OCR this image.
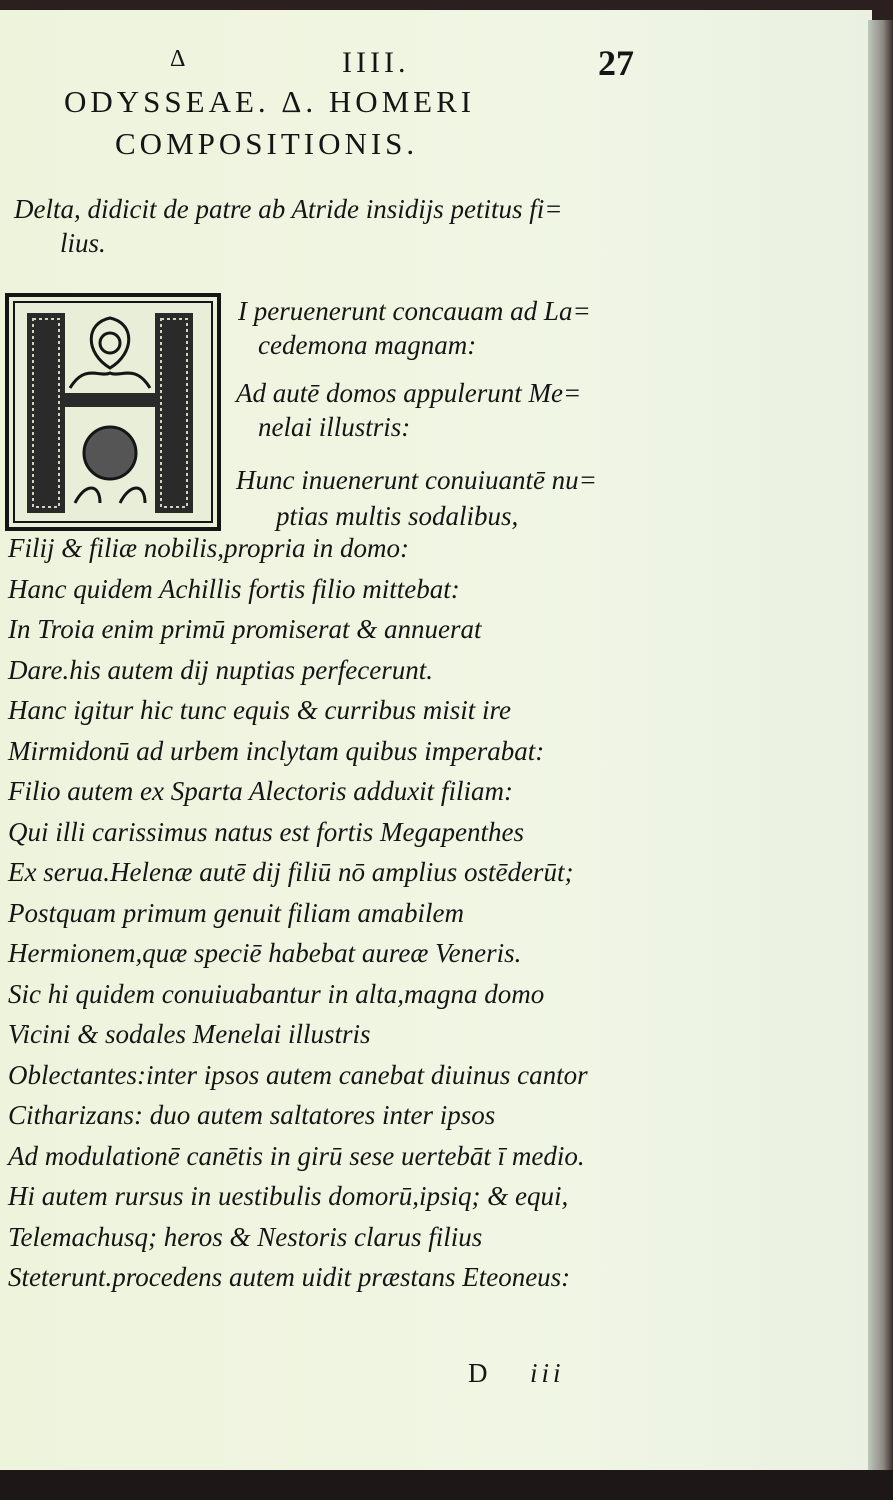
Δ	IIII.	27
ODYSSEAE. Δ. HOMERI
COMPOSITIONIS.
Delta, didicit de patre ab Atride insidijs petitus fi=
lius.
I peruenerunt concauam ad La=
cedemona magnam:
Ad autē domos appulerunt Me=
nelai illustris:
Hunc inuenerunt conuiuantē nu=
ptias multis sodalibus,
Filij & filiæ nobilis,propria in domo:
Hanc quidem Achillis fortis filio mittebat:
In Troia enim primū promiserat & annuerat
Dare.his autem dij nuptias perfecerunt.
Hanc igitur hic tunc equis & curribus misit ire
Mirmidonū ad urbem inclytam quibus imperabat:
Filio autem ex Sparta Alectoris adduxit filiam:
Qui illi carissimus natus est fortis Megapenthes
Ex serua.Helenæ autē dij filiū nō amplius ostēderūt;
Postquam primum genuit filiam amabilem
Hermionem,quæ speciē habebat aureæ Veneris.
Sic hi quidem conuiuabantur in alta,magna domo
Vicini & sodales Menelai illustris
Oblectantes:inter ipsos autem canebat diuinus cantor
Citharizans: duo autem saltatores inter ipsos
Ad modulationē canētis in girū sese uertebāt ī medio.
Hi autem rursus in uestibulis domorū,ipsiq; & equi,
Telemachusq; heros & Nestoris clarus filius
Steterunt.procedens autem uidit præstans Eteoneus:
D iii
